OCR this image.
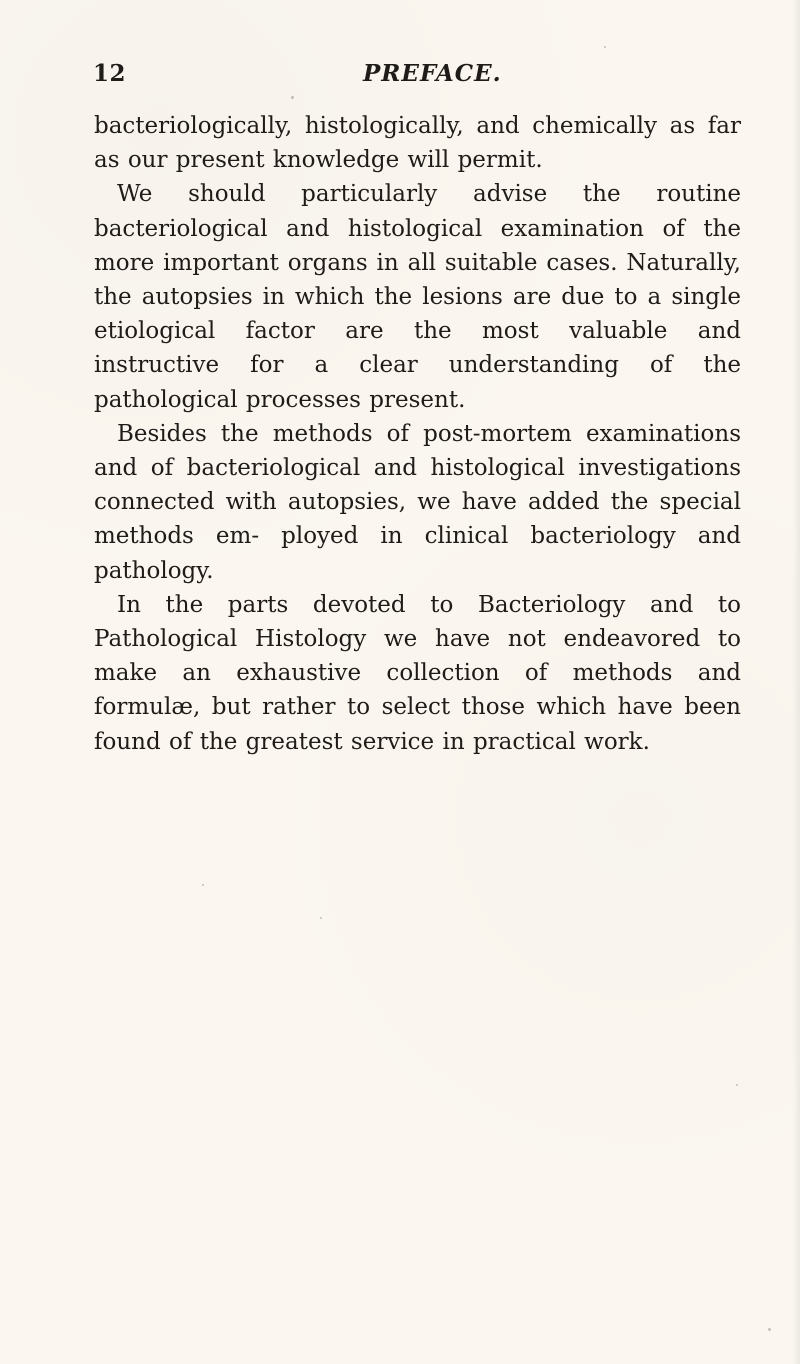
12	PREFACE.

bacteriologically, histologically, and chemically as far as our present knowledge will permit.

We should particularly advise the routine bacteriological and histological examination of the more important organs in all suitable cases. Naturally, the autopsies in which the lesions are due to a single etiological factor are the most valuable and instructive for a clear understanding of the pathological processes present.

Besides the methods of post-mortem examinations and of bacteriological and histological investigations connected with autopsies, we have added the special methods em- ployed in clinical bacteriology and pathology.

In the parts devoted to Bacteriology and to Pathological Histology we have not endeavored to make an exhaustive collection of methods and formulæ, but rather to select those which have been found of the greatest service in practical work.
